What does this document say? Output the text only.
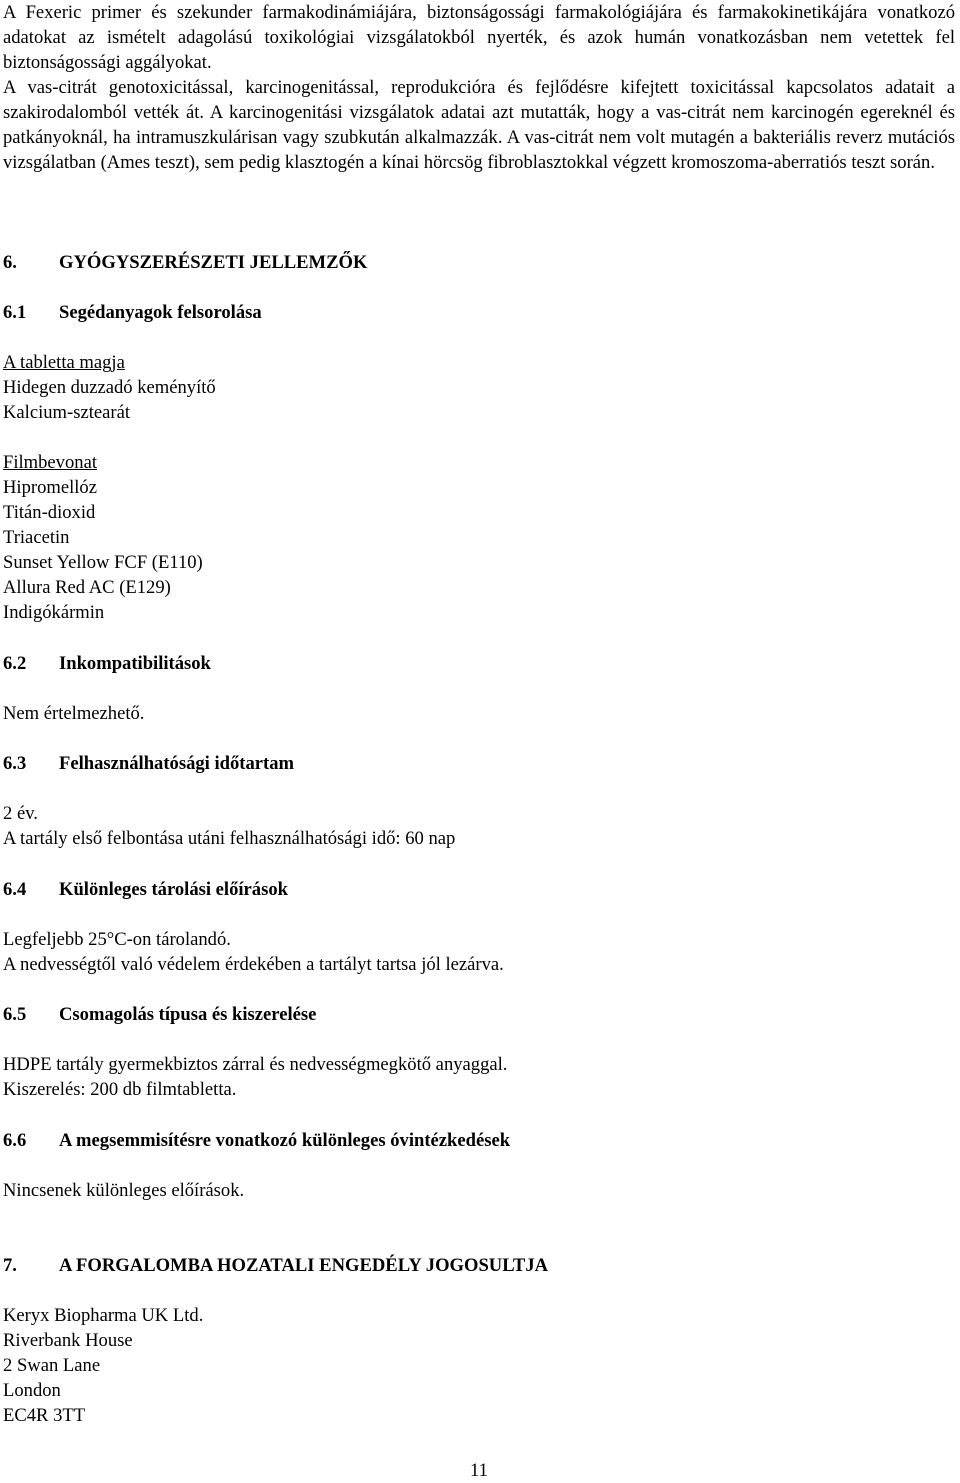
A Fexeric primer és szekunder farmakodinámiájára, biztonságossági farmakológiájára és farmakokinetikájára vonatkozó adatokat az ismételt adagolású toxikológiai vizsgálatokból nyerték, és azok humán vonatkozásban nem vetettek fel biztonságossági aggályokat.

A vas-citrát genotoxicitással, karcinogenitással, reprodukcióra és fejlődésre kifejtett toxicitással kapcsolatos adatait a szakirodalomból vették át. A karcinogenitási vizsgálatok adatai azt mutatták, hogy a vas-citrát nem karcinogén egereknél és patkányoknál, ha intramuszkulárisan vagy szubkután alkalmazzák. A vas-citrát nem volt mutagén a bakteriális reverz mutációs vizsgálatban (Ames teszt), sem pedig klasztogén a kínai hörcsög fibroblasztokkal végzett kromoszoma-aberratiós teszt során.

6.	GYÓGYSZERÉSZETI JELLEMZŐK

6.1	Segédanyagok felsorolása

A tabletta magja
Hidegen duzzadó keményítő
Kalcium-sztearát
Filmbevonat
Hipromellóz
Titán-dioxid
Triacetin
Sunset Yellow FCF (E110)
Allura Red AC (E129)
Indigókármin

6.2	Inkompatibilitások

Nem értelmezhető.

6.3	Felhasználhatósági időtartam

2 év.
A tartály első felbontása utáni felhasználhatósági idő: 60 nap

6.4	Különleges tárolási előírások

Legfeljebb 25°C-on tárolandó.
A nedvességtől való védelem érdekében a tartályt tartsa jól lezárva.

6.5	Csomagolás típusa és kiszerelése

HDPE tartály gyermekbiztos zárral és nedvességmegkötő anyaggal.
Kiszerelés: 200 db filmtabletta.

6.6	A megsemmisítésre vonatkozó különleges óvintézkedések

Nincsenek különleges előírások.

7.	A FORGALOMBA HOZATALI ENGEDÉLY JOGOSULTJA

Keryx Biopharma UK Ltd.
Riverbank House
2 Swan Lane
London
EC4R 3TT
11
